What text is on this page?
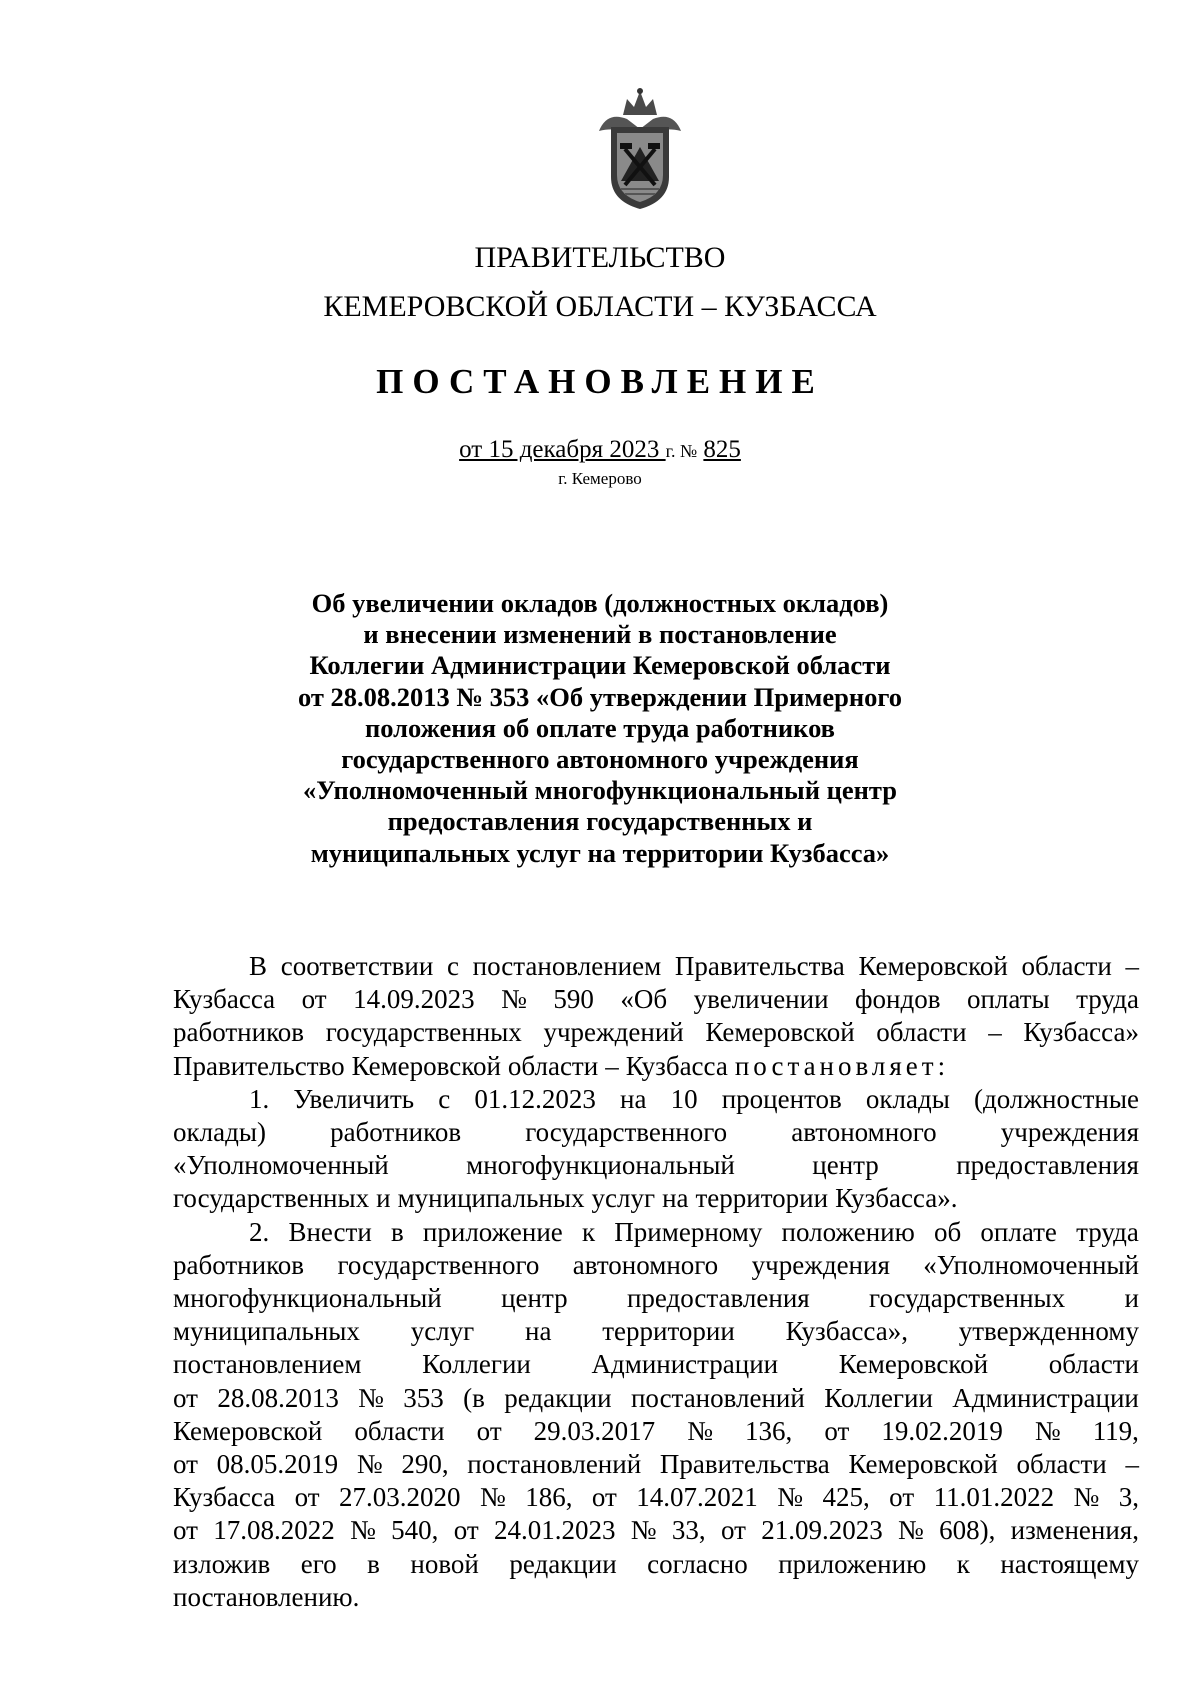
ПРАВИТЕЛЬСТВО
КЕМЕРОВСКОЙ ОБЛАСТИ – КУЗБАССА
ПОСТАНОВЛЕНИЕ
от 15 декабря 2023 г. № 825
г. Кемерово
Об увеличении окладов (должностных окладов)
и внесении изменений в постановление
Коллегии Администрации Кемеровской области
от 28.08.2013 № 353 «Об утверждении Примерного
положения об оплате труда работников
государственного автономного учреждения
«Уполномоченный многофункциональный центр
предоставления государственных и
муниципальных услуг на территории Кузбасса»
В соответствии с постановлением Правительства Кемеровской области –
Кузбасса от 14.09.2023 № 590 «Об увеличении фондов оплаты труда
работников государственных учреждений Кемеровской области – Кузбасса»
Правительство Кемеровской области – Кузбасса постановляет :
1. Увеличить с 01.12.2023 на 10 процентов оклады (должностные
оклады) работников государственного автономного учреждения
«Уполномоченный	многофункциональный	центр	предоставления
государственных и муниципальных услуг на территории Кузбасса».
2. Внести в приложение к Примерному положению об оплате труда
работников государственного автономного учреждения «Уполномоченный
многофункциональный центр предоставления государственных и
муниципальных услуг на территории Кузбасса», утвержденному
постановлением Коллегии Администрации Кемеровской области
от 28.08.2013 № 353 (в редакции постановлений Коллегии Администрации
Кемеровской области от 29.03.2017 № 136, от 19.02.2019 № 119,
от 08.05.2019 № 290, постановлений Правительства Кемеровской области –
Кузбасса от 27.03.2020 № 186, от 14.07.2021 № 425, от 11.01.2022 № 3,
от 17.08.2022 № 540, от 24.01.2023 № 33, от 21.09.2023 № 608), изменения,
изложив его в новой редакции согласно приложению к настоящему
постановлению.
